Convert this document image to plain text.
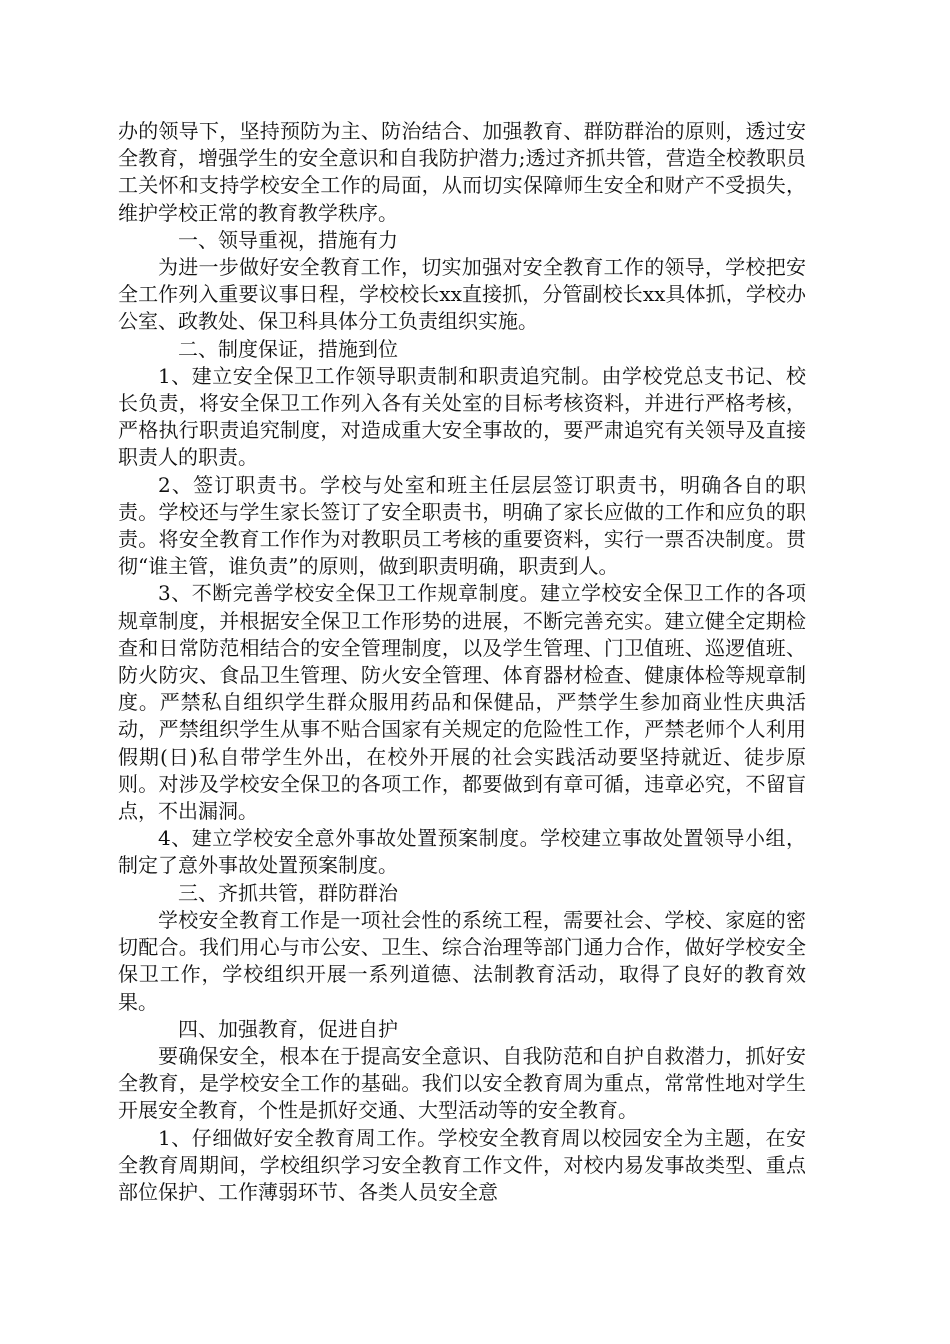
办的领导下，坚持预防为主、防治结合、加强教育、群防群治的原则，透过安全教育，增强学生的安全意识和自我防护潜力;透过齐抓共管，营造全校教职员工关怀和支持学校安全工作的局面，从而切实保障师生安全和财产不受损失，维护学校正常的教育教学秩序。

一、领导重视，措施有力

为进一步做好安全教育工作，切实加强对安全教育工作的领导，学校把安全工作列入重要议事日程，学校校长xx直接抓，分管副校长xx具体抓，学校办公室、政教处、保卫科具体分工负责组织实施。

二、制度保证，措施到位

1、建立安全保卫工作领导职责制和职责追究制。由学校党总支书记、校长负责，将安全保卫工作列入各有关处室的目标考核资料，并进行严格考核，严格执行职责追究制度，对造成重大安全事故的，要严肃追究有关领导及直接职责人的职责。

2、签订职责书。学校与处室和班主任层层签订职责书，明确各自的职责。学校还与学生家长签订了安全职责书，明确了家长应做的工作和应负的职责。将安全教育工作作为对教职员工考核的重要资料，实行一票否决制度。贯彻“谁主管，谁负责”的原则，做到职责明确，职责到人。

3、不断完善学校安全保卫工作规章制度。建立学校安全保卫工作的各项规章制度，并根据安全保卫工作形势的进展，不断完善充实。建立健全定期检查和日常防范相结合的安全管理制度，以及学生管理、门卫值班、巡逻值班、防火防灾、食品卫生管理、防火安全管理、体育器材检查、健康体检等规章制度。严禁私自组织学生群众服用药品和保健品，严禁学生参加商业性庆典活动，严禁组织学生从事不贴合国家有关规定的危险性工作，严禁老师个人利用假期(日)私自带学生外出，在校外开展的社会实践活动要坚持就近、徒步原则。对涉及学校安全保卫的各项工作，都要做到有章可循，违章必究，不留盲点，不出漏洞。

4、建立学校安全意外事故处置预案制度。学校建立事故处置领导小组，制定了意外事故处置预案制度。

三、齐抓共管，群防群治

学校安全教育工作是一项社会性的系统工程，需要社会、学校、家庭的密切配合。我们用心与市公安、卫生、综合治理等部门通力合作，做好学校安全保卫工作，学校组织开展一系列道德、法制教育活动，取得了良好的教育效果。

四、加强教育，促进自护

要确保安全，根本在于提高安全意识、自我防范和自护自救潜力，抓好安全教育，是学校安全工作的基础。我们以安全教育周为重点，常常性地对学生开展安全教育，个性是抓好交通、大型活动等的安全教育。

1、仔细做好安全教育周工作。学校安全教育周以校园安全为主题，在安全教育周期间，学校组织学习安全教育工作文件，对校内易发事故类型、重点部位保护、工作薄弱环节、各类人员安全意
